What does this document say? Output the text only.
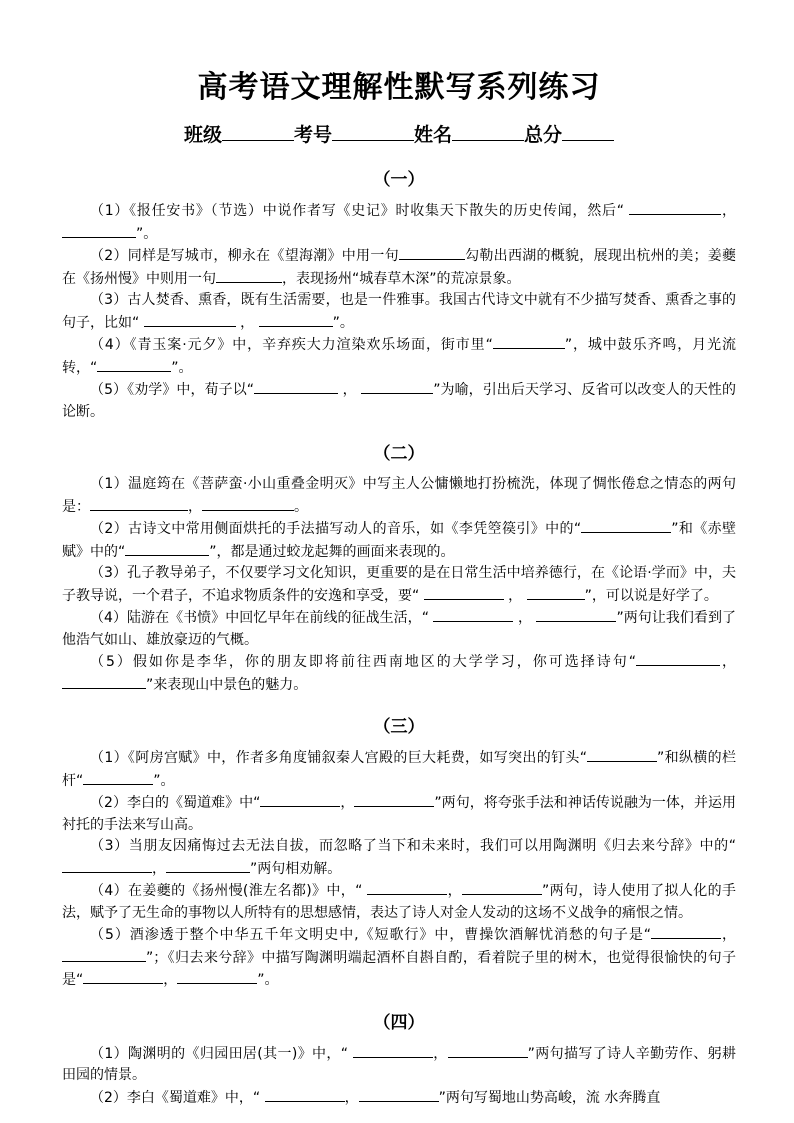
高考语文理解性默写系列练习
班级	考号	姓名	总分
（一）

（1）《报任安书》（节选）中说作者写《史记》时收集天下散失的历史传闻，然后“	， ”。

（2）同样是写城市，柳永在《望海潮》中用一句	勾勒出西湖的概貌，展现出杭州的美；姜夔在《扬州慢》中则用一句	，表现扬州“城春草木深”的荒凉景象。

（3）古人焚香、熏香，既有生活需要，也是一件雅事。我国古代诗文中就有不少描写焚香、熏香之事的句子，比如“	，	”。

（4）《青玉案·元夕》中，辛弃疾大力渲染欢乐场面，街市里“	”，城中鼓乐齐鸣，月光流转，“	”。

（5）《劝学》中，荀子以“	，	”为喻，引出后天学习、反省可以改变人的天性的论断。

（二）

（1）温庭筠在《菩萨蛮·小山重叠金明灭》中写主人公慵懒地打扮梳洗，体现了惆怅倦怠之情态的两句是：	，	。

（2）古诗文中常用侧面烘托的手法描写动人的音乐，如《李凭箜篌引》中的“	”和《赤壁赋》中的“	”，都是通过蛟龙起舞的画面来表现的。

（3）孔子教导弟子，不仅要学习文化知识，更重要的是在日常生活中培养德行，在《论语·学而》中，夫子教导说，一个君子，不追求物质条件的安逸和享受，要“	，	”，可以说是好学了。

（4）陆游在《书愤》中回忆早年在前线的征战生活，“	，	”两句让我们看到了他浩气如山、雄放豪迈的气概。

（5）假如你是李华，你的朋友即将前往西南地区的大学学习，你可选择诗句“	，”来表现山中景色的魅力。

（三）

（1）《阿房宫赋》中，作者多角度铺叙秦人宫殿的巨大耗费，如写突出的钉头“	”和纵横的栏杆“	”。

（2）李白的《蜀道难》中“	，	”两句，将夸张手法和神话传说融为一体，并运用衬托的手法来写山高。

（3）当朋友因痛悔过去无法自拔，而忽略了当下和未来时，我们可以用陶渊明《归去来兮辞》中的“，	”两句相劝解。

（4）在姜夔的《扬州慢(淮左名都)》中，“	，	”两句，诗人使用了拟人化的手法，赋予了无生命的事物以人所特有的思想感情，表达了诗人对金人发动的这场不义战争的痛恨之情。

（5）酒渗透于整个中华五千年文明史中,《短歌行》中，曹操饮酒解忧消愁的句子是“	，”；《归去来兮辞》中描写陶渊明端起酒杯自斟自酌，看着院子里的树木，也觉得很愉快的句子是“	，	”。

（四）

（1）陶渊明的《归园田居(其一)》中，“	，	”两句描写了诗人辛勤劳作、躬耕田园的情景。

（2）李白《蜀道难》中，“	，	”两句写蜀地山势高峻，流 水奔腾直
